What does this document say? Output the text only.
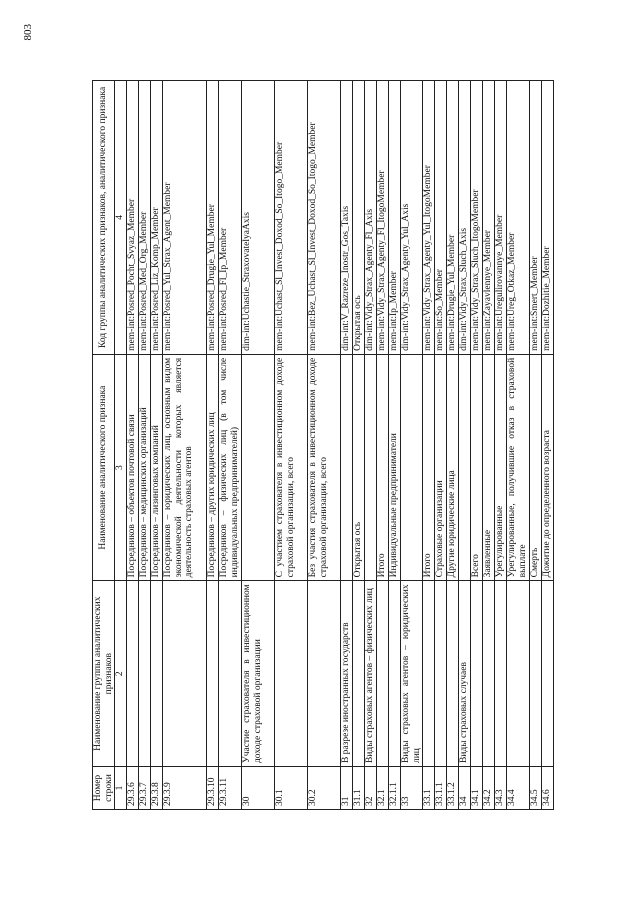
803
Номер строки	Наименование группы аналитических признаков	Наименование аналитического признака	Код группы аналитических признаков, аналитического признака
1	2	3	4
29.3.6		Посредников – объектов почтовой связи	mem-int:Posred_Pocht_Svyaz_Member
29.3.7		Посредников – медицинских организаций	mem-int:Posred_Med_Org_Member
29.3.8		Посредников – лизинговых компаний	mem-int:Posred_Liz_Komp_Member
29.3.9		Посредников – юридических лиц, основным видом экономической деятельности которых является деятельность страховых агентов	mem-int:Posred_Yul_Strax_Agent_Member
29.3.10		Посредников – других юридических лиц	mem-int:Posred_Drugie_Yul_Member
29.3.11		Посредников – физических лиц (в том числе индивидуальных предпринимателей)	mem-int:Posred_Fl_Ip_Member
30	Участие страхователя в инвестиционном доходе страховой организации		dim-int:Uchastie_StraxovatelyaAxis
30.1		С участием страхователя в инвестиционном доходе страховой организации, всего	mem-int:Uchast_Sl_Invest_Doxod_So_Itogo_Member
30.2		Без участия страхователя в инвестиционном доходе страховой организации, всего	mem-int:Bez_Uchast_Sl_Invest_Doxod_So_Itogo_Member
31	В разрезе иностранных государств		dim-int:V_Razreze_Inostr_Gos_Taxis
31.1		Открытая ось	Открытая ось
32	Виды страховых агентов – физических лиц		dim-int:Vidy_Strax_Agenty_Fl_Axis
32.1		Итого	mem-int:Vidy_Strax_Agenty_Fl_ItogoMember
32.1.1		Индивидуальные предприниматели	mem-int:Ip_Member
33	Виды страховых агентов – юридических лиц		dim-int:Vidy_Strax_Agenty_Yul_Axis
33.1		Итого	mem-int:Vidy_Strax_Agenty_Yul_ItogoMember
33.1.1		Страховые организации	mem-int:So_Member
33.1.2		Другие юридические лица	mem-int:Drugie_Yul_Member
34	Виды страховых случаев		dim-int:Vidy_Strax_Sluch_Axis
34.1		Всего	mem-int:Vidy_Strax_Sluch_ItogoMember
34.2		Заявленные	mem-int:Zayavlennye_Member
34.3		Урегулированные	mem-int:Uregulirovannye_Member
34.4		Урегулированные, получившие отказ в страховой выплате	mem-int:Ureg_Otkaz_Member
34.5		Смерть	mem-int:Smert_Member
34.6		Дожитие до определенного возраста	mem-int:Dozhitie_Member
